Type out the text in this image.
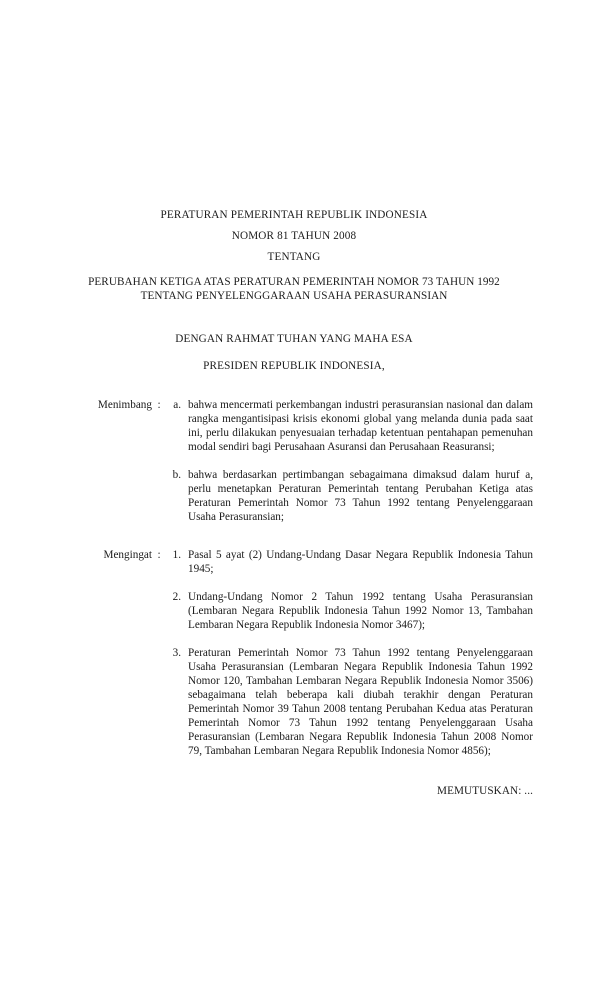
PERATURAN PEMERINTAH REPUBLIK INDONESIA
NOMOR 81 TAHUN 2008
TENTANG
PERUBAHAN KETIGA ATAS PERATURAN PEMERINTAH NOMOR 73 TAHUN 1992 TENTANG PENYELENGGARAAN USAHA PERASURANSIAN
DENGAN RAHMAT TUHAN YANG MAHA ESA
PRESIDEN REPUBLIK INDONESIA,
Menimbang :	a. bahwa mencermati perkembangan industri perasuransian nasional dan dalam rangka mengantisipasi krisis ekonomi global yang melanda dunia pada saat ini, perlu dilakukan penyesuaian terhadap ketentuan pentahapan pemenuhan modal sendiri bagi Perusahaan Asuransi dan Perusahaan Reasuransi;
b. bahwa berdasarkan pertimbangan sebagaimana dimaksud dalam huruf a, perlu menetapkan Peraturan Pemerintah tentang Perubahan Ketiga atas Peraturan Pemerintah Nomor 73 Tahun 1992 tentang Penyelenggaraan Usaha Perasuransian;
Mengingat :	1. Pasal 5 ayat (2) Undang-Undang Dasar Negara Republik Indonesia Tahun 1945;
2. Undang-Undang Nomor 2 Tahun 1992 tentang Usaha Perasuransian (Lembaran Negara Republik Indonesia Tahun 1992 Nomor 13, Tambahan Lembaran Negara Republik Indonesia Nomor 3467);
3. Peraturan Pemerintah Nomor 73 Tahun 1992 tentang Penyelenggaraan Usaha Perasuransian (Lembaran Negara Republik Indonesia Tahun 1992 Nomor 120, Tambahan Lembaran Negara Republik Indonesia Nomor 3506) sebagaimana telah beberapa kali diubah terakhir dengan Peraturan Pemerintah Nomor 39 Tahun 2008 tentang Perubahan Kedua atas Peraturan Pemerintah Nomor 73 Tahun 1992 tentang Penyelenggaraan Usaha Perasuransian (Lembaran Negara Republik Indonesia Tahun 2008 Nomor 79, Tambahan Lembaran Negara Republik Indonesia Nomor 4856);
MEMUTUSKAN: ...
